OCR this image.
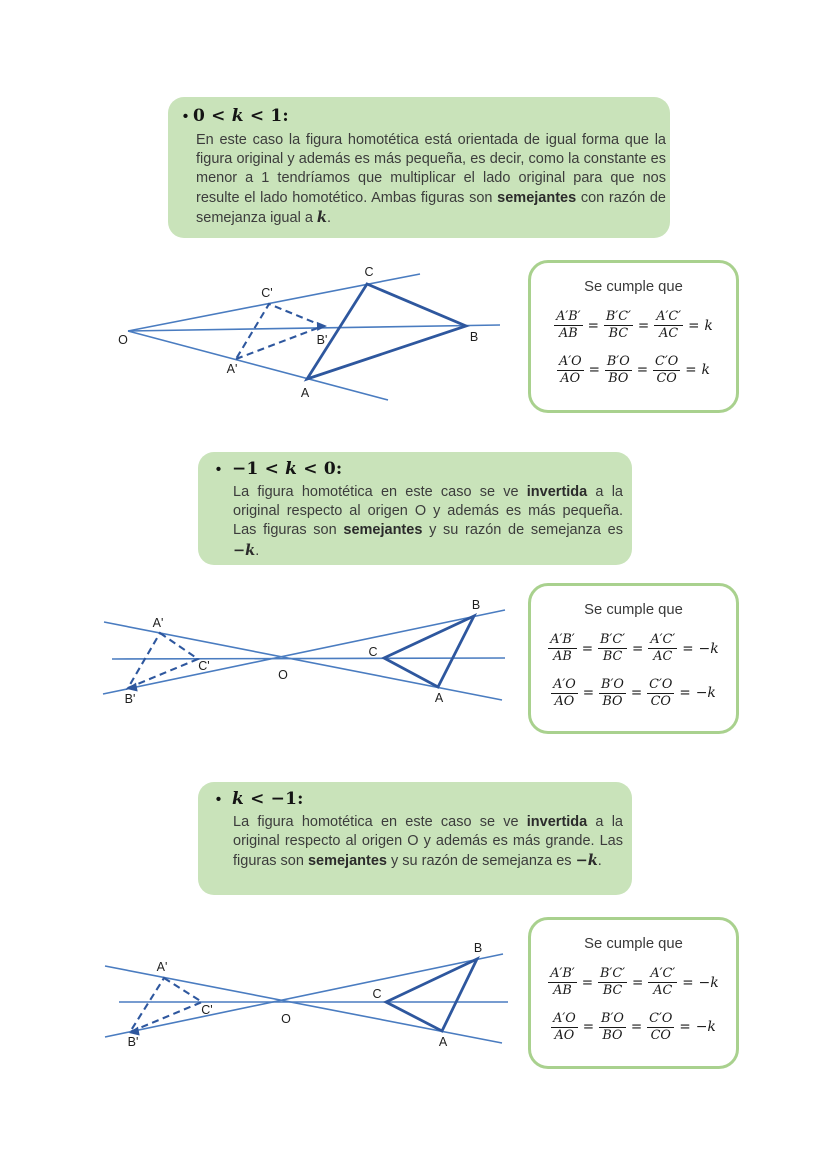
• 0 < k < 1:
En este caso la figura homotética está orientada de igual forma que la figura original y además es más pequeña, es decir, como la constante es menor a 1 tendríamos que multiplicar el lado original para que nos resulte el lado homotético. Ambas figuras son semejantes con razón de semejanza igual a k.
O
C'
B'
A'
C
B
A
Se cumple que
$\frac{A'B'}{AB} = \frac{B'C'}{BC} = \frac{A'C'}{AC} = k$
$\frac{A'O}{AO} = \frac{B'O}{BO} = \frac{C'O}{CO} = k$
• −1 < k < 0:
La figura homotética en este caso se ve invertida a la original respecto al origen O y además es más pequeña. Las figuras son semejantes y su razón de semejanza es −k.
A'
C'
B'
O
C
B
A
Se cumple que
$\frac{A'B'}{AB} = \frac{B'C'}{BC} = \frac{A'C'}{AC} = -k$
$\frac{A'O}{AO} = \frac{B'O}{BO} = \frac{C'O}{CO} = -k$
• k < −1:
La figura homotética en este caso se ve invertida a la original respecto al origen O y además es más grande. Las figuras son semejantes y su razón de semejanza es −k.
A'
C'
B'
O
C
B
A
Se cumple que
$\frac{A'B'}{AB} = \frac{B'C'}{BC} = \frac{A'C'}{AC} = -k$
$\frac{A'O}{AO} = \frac{B'O}{BO} = \frac{C'O}{CO} = -k$
